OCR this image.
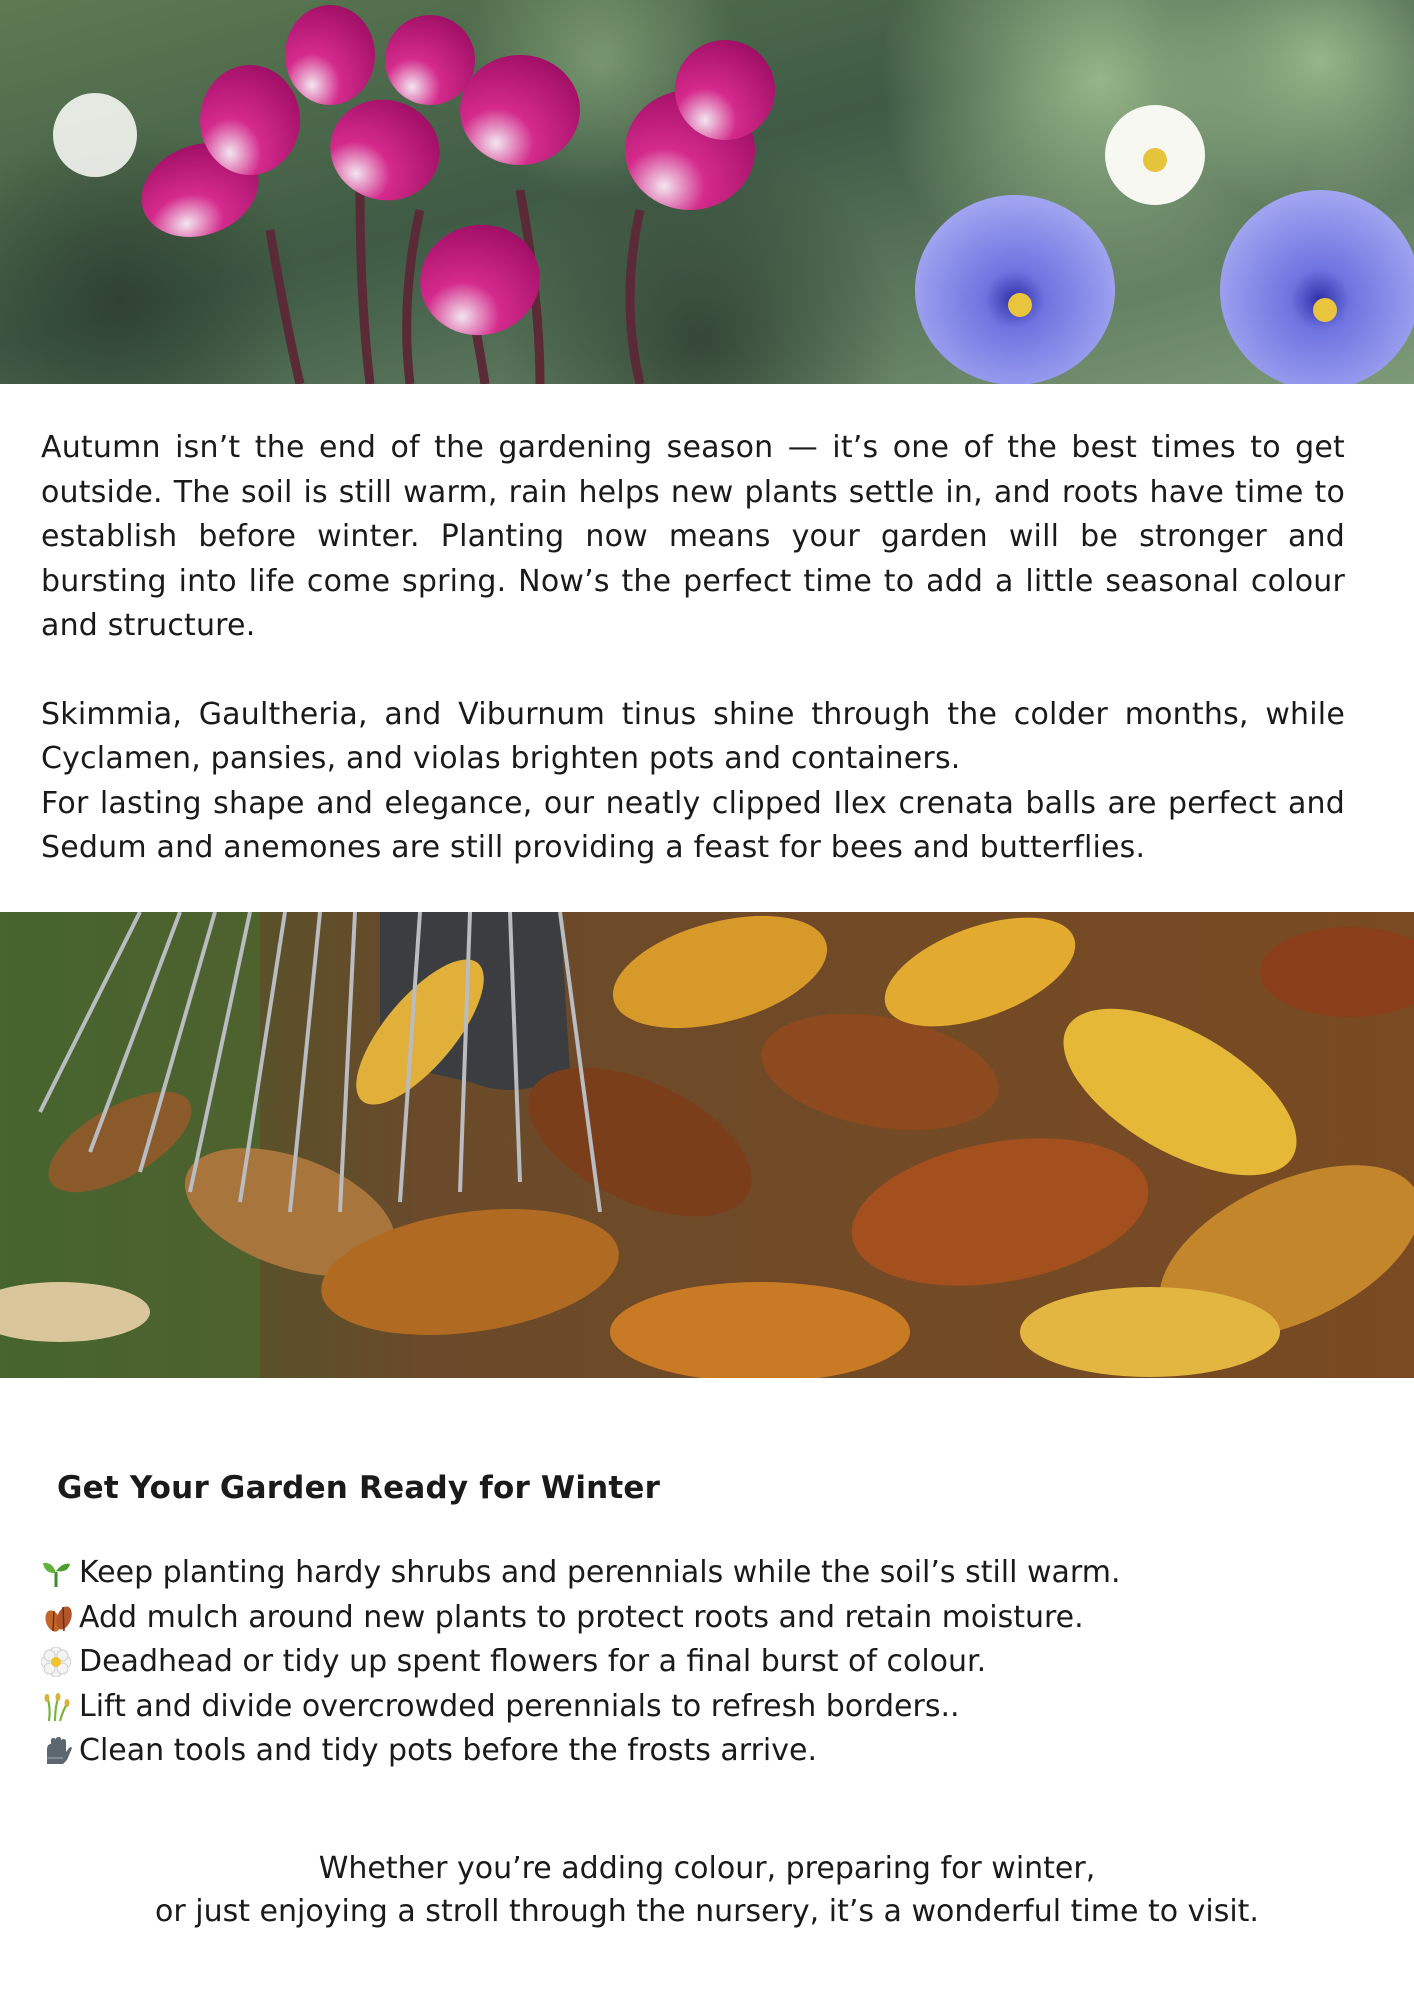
Autumn isn’t the end of the gardening season — it’s one of the best times to get outside. The soil is still warm, rain helps new plants settle in, and roots have time to establish before winter. Planting now means your garden will be stronger and bursting into life come spring. Now’s the perfect time to add a little seasonal colour and structure.

Skimmia, Gaultheria, and Viburnum tinus shine through the colder months, while Cyclamen, pansies, and violas brighten pots and containers.

For lasting shape and elegance, our neatly clipped Ilex crenata balls are perfect and Sedum and anemones are still providing a feast for bees and butterflies.

Get Your Garden Ready for Winter
Keep planting hardy shrubs and perennials while the soil’s still warm.
Add mulch around new plants to protect roots and retain moisture.
Deadhead or tidy up spent flowers for a final burst of colour.
Lift and divide overcrowded perennials to refresh borders..
Clean tools and tidy pots before the frosts arrive.

Whether you’re adding colour, preparing for winter,

or just enjoying a stroll through the nursery, it’s a wonderful time to visit.
